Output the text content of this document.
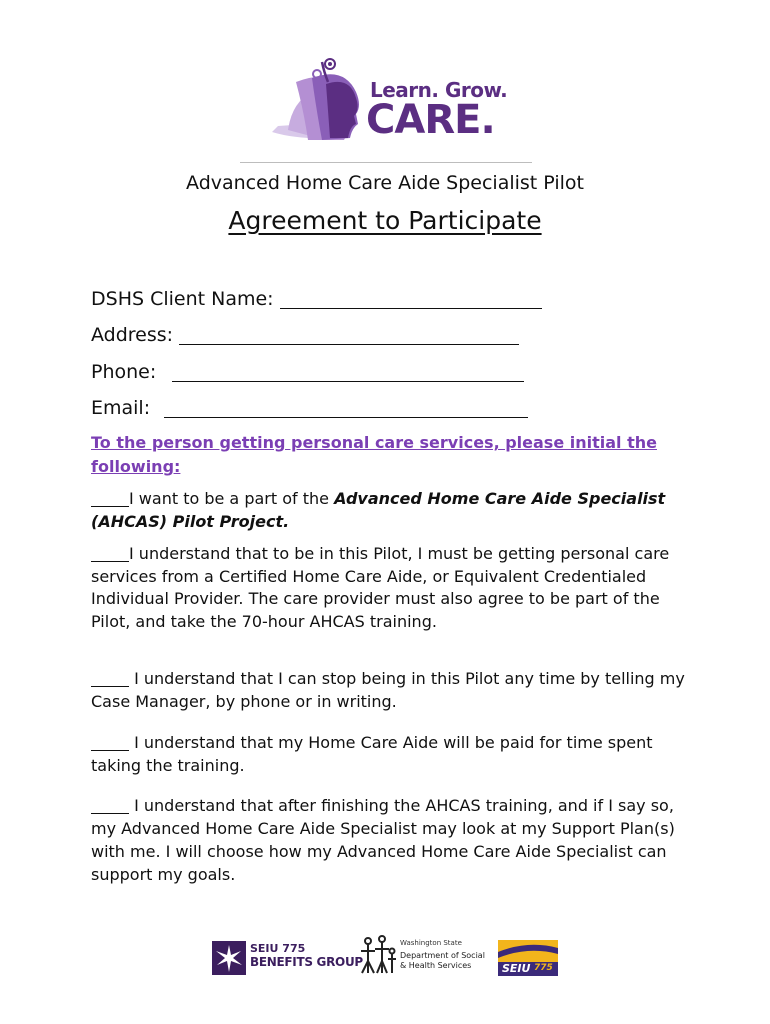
Learn. Grow.
CARE.
Advanced Home Care Aide Specialist Pilot
Agreement to Participate
DSHS Client Name:
Address:
Phone:
Email:
To the person getting personal care services, please initial the following:
I want to be a part of the Advanced Home Care Aide Specialist (AHCAS) Pilot Project.
I understand that to be in this Pilot, I must be getting personal care services from a Certified Home Care Aide, or Equivalent Credentialed Individual Provider. The care provider must also agree to be part of the Pilot, and take the 70-hour AHCAS training.
I understand that I can stop being in this Pilot any time by telling my Case Manager, by phone or in writing.
I understand that my Home Care Aide will be paid for time spent taking the training.
I understand that after finishing the AHCAS training, and if I say so, my Advanced Home Care Aide Specialist may look at my Support Plan(s) with me. I will choose how my Advanced Home Care Aide Specialist can support my goals.
SEIU 775
BENEFITS GROUP
Washington State
Department of Social
& Health Services	SEIU 775
